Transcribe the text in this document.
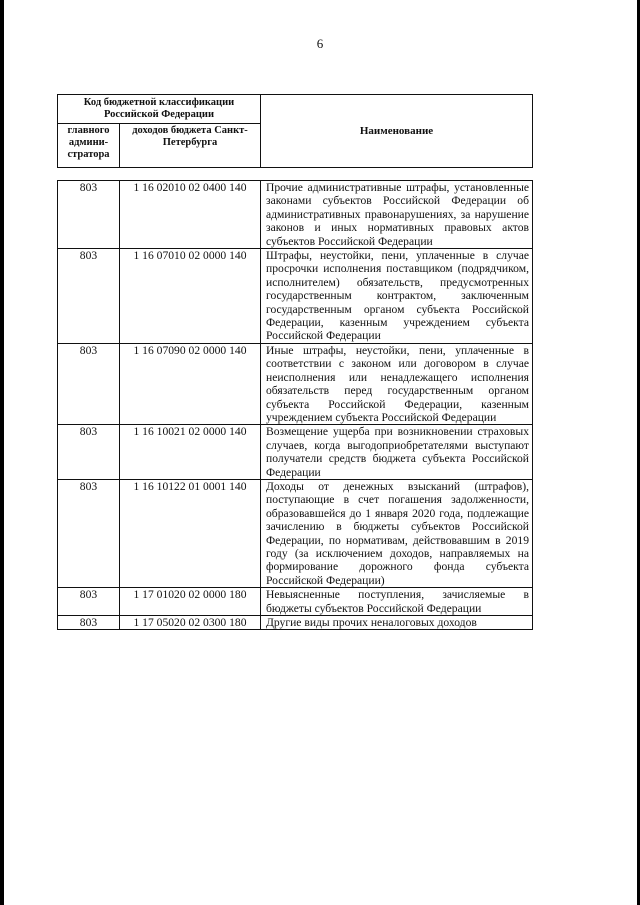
6
Код бюджетной классификации Российской Федерации		Наименование
главного админи-стратора	доходов бюджета Санкт-Петербурга	
803	1 16 02010 02 0400 140	Прочие административные штрафы, установленные законами субъектов Российской Федерации об административных правонарушениях, за нарушение законов и иных нормативных правовых актов субъектов Российской Федерации
803	1 16 07010 02 0000 140	Штрафы, неустойки, пени, уплаченные в случае просрочки исполнения поставщиком (подрядчиком, исполнителем) обязательств, предусмотренных государственным контрактом, заключенным государственным органом субъекта Российской Федерации, казенным учреждением субъекта Российской Федерации
803	1 16 07090 02 0000 140	Иные штрафы, неустойки, пени, уплаченные в соответствии с законом или договором в случае неисполнения или ненадлежащего исполнения обязательств перед государственным органом субъекта Российской Федерации, казенным учреждением субъекта Российской Федерации
803	1 16 10021 02 0000 140	Возмещение ущерба при возникновении страховых случаев, когда выгодоприобретателями выступают получатели средств бюджета субъекта Российской Федерации
803	1 16 10122 01 0001 140	Доходы от денежных взысканий (штрафов), поступающие в счет погашения задолженности, образовавшейся до 1 января 2020 года, подлежащие зачислению в бюджеты субъектов Российской Федерации, по нормативам, действовавшим в 2019 году (за исключением доходов, направляемых на формирование дорожного фонда субъекта Российской Федерации)
803	1 17 01020 02 0000 180	Невыясненные поступления, зачисляемые в бюджеты субъектов Российской Федерации
803	1 17 05020 02 0300 180	Другие виды прочих неналоговых доходов
